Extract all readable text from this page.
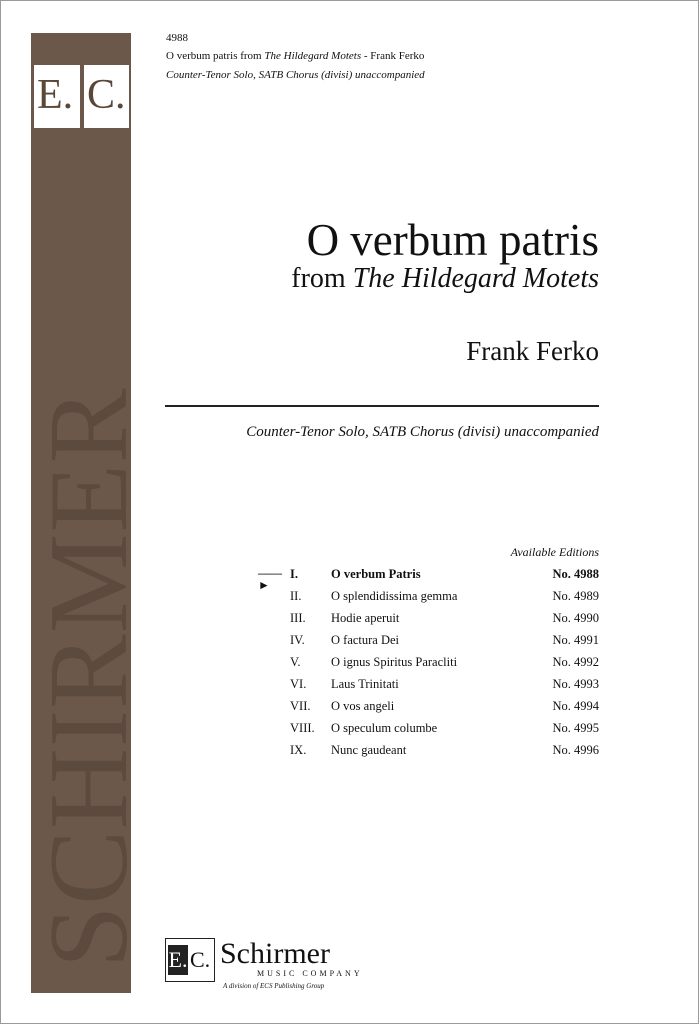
SCHIRMER
E. C.
4988
O verbum patris from The Hildegard Motets - Frank Ferko
Counter-Tenor Solo, SATB Chorus (divisi) unaccompanied
O verbum patris
from The Hildegard Motets
Frank Ferko
Counter-Tenor Solo, SATB Chorus (divisi) unaccompanied
Available Editions
——►
I.	O verbum Patris	No. 4988
II. O splendidissima gemma	No. 4989
III. Hodie aperuit	No. 4990
IV. O factura Dei	No. 4991
V. O ignus Spiritus Paracliti	No. 4992
VI. Laus Trinitati	No. 4993
VII. O vos angeli	No. 4994
VIII. O speculum columbe	No. 4995
IX. Nunc gaudeant	No. 4996
E. C. Schirmer
MUSIC COMPANY
A division of ECS Publishing Group
